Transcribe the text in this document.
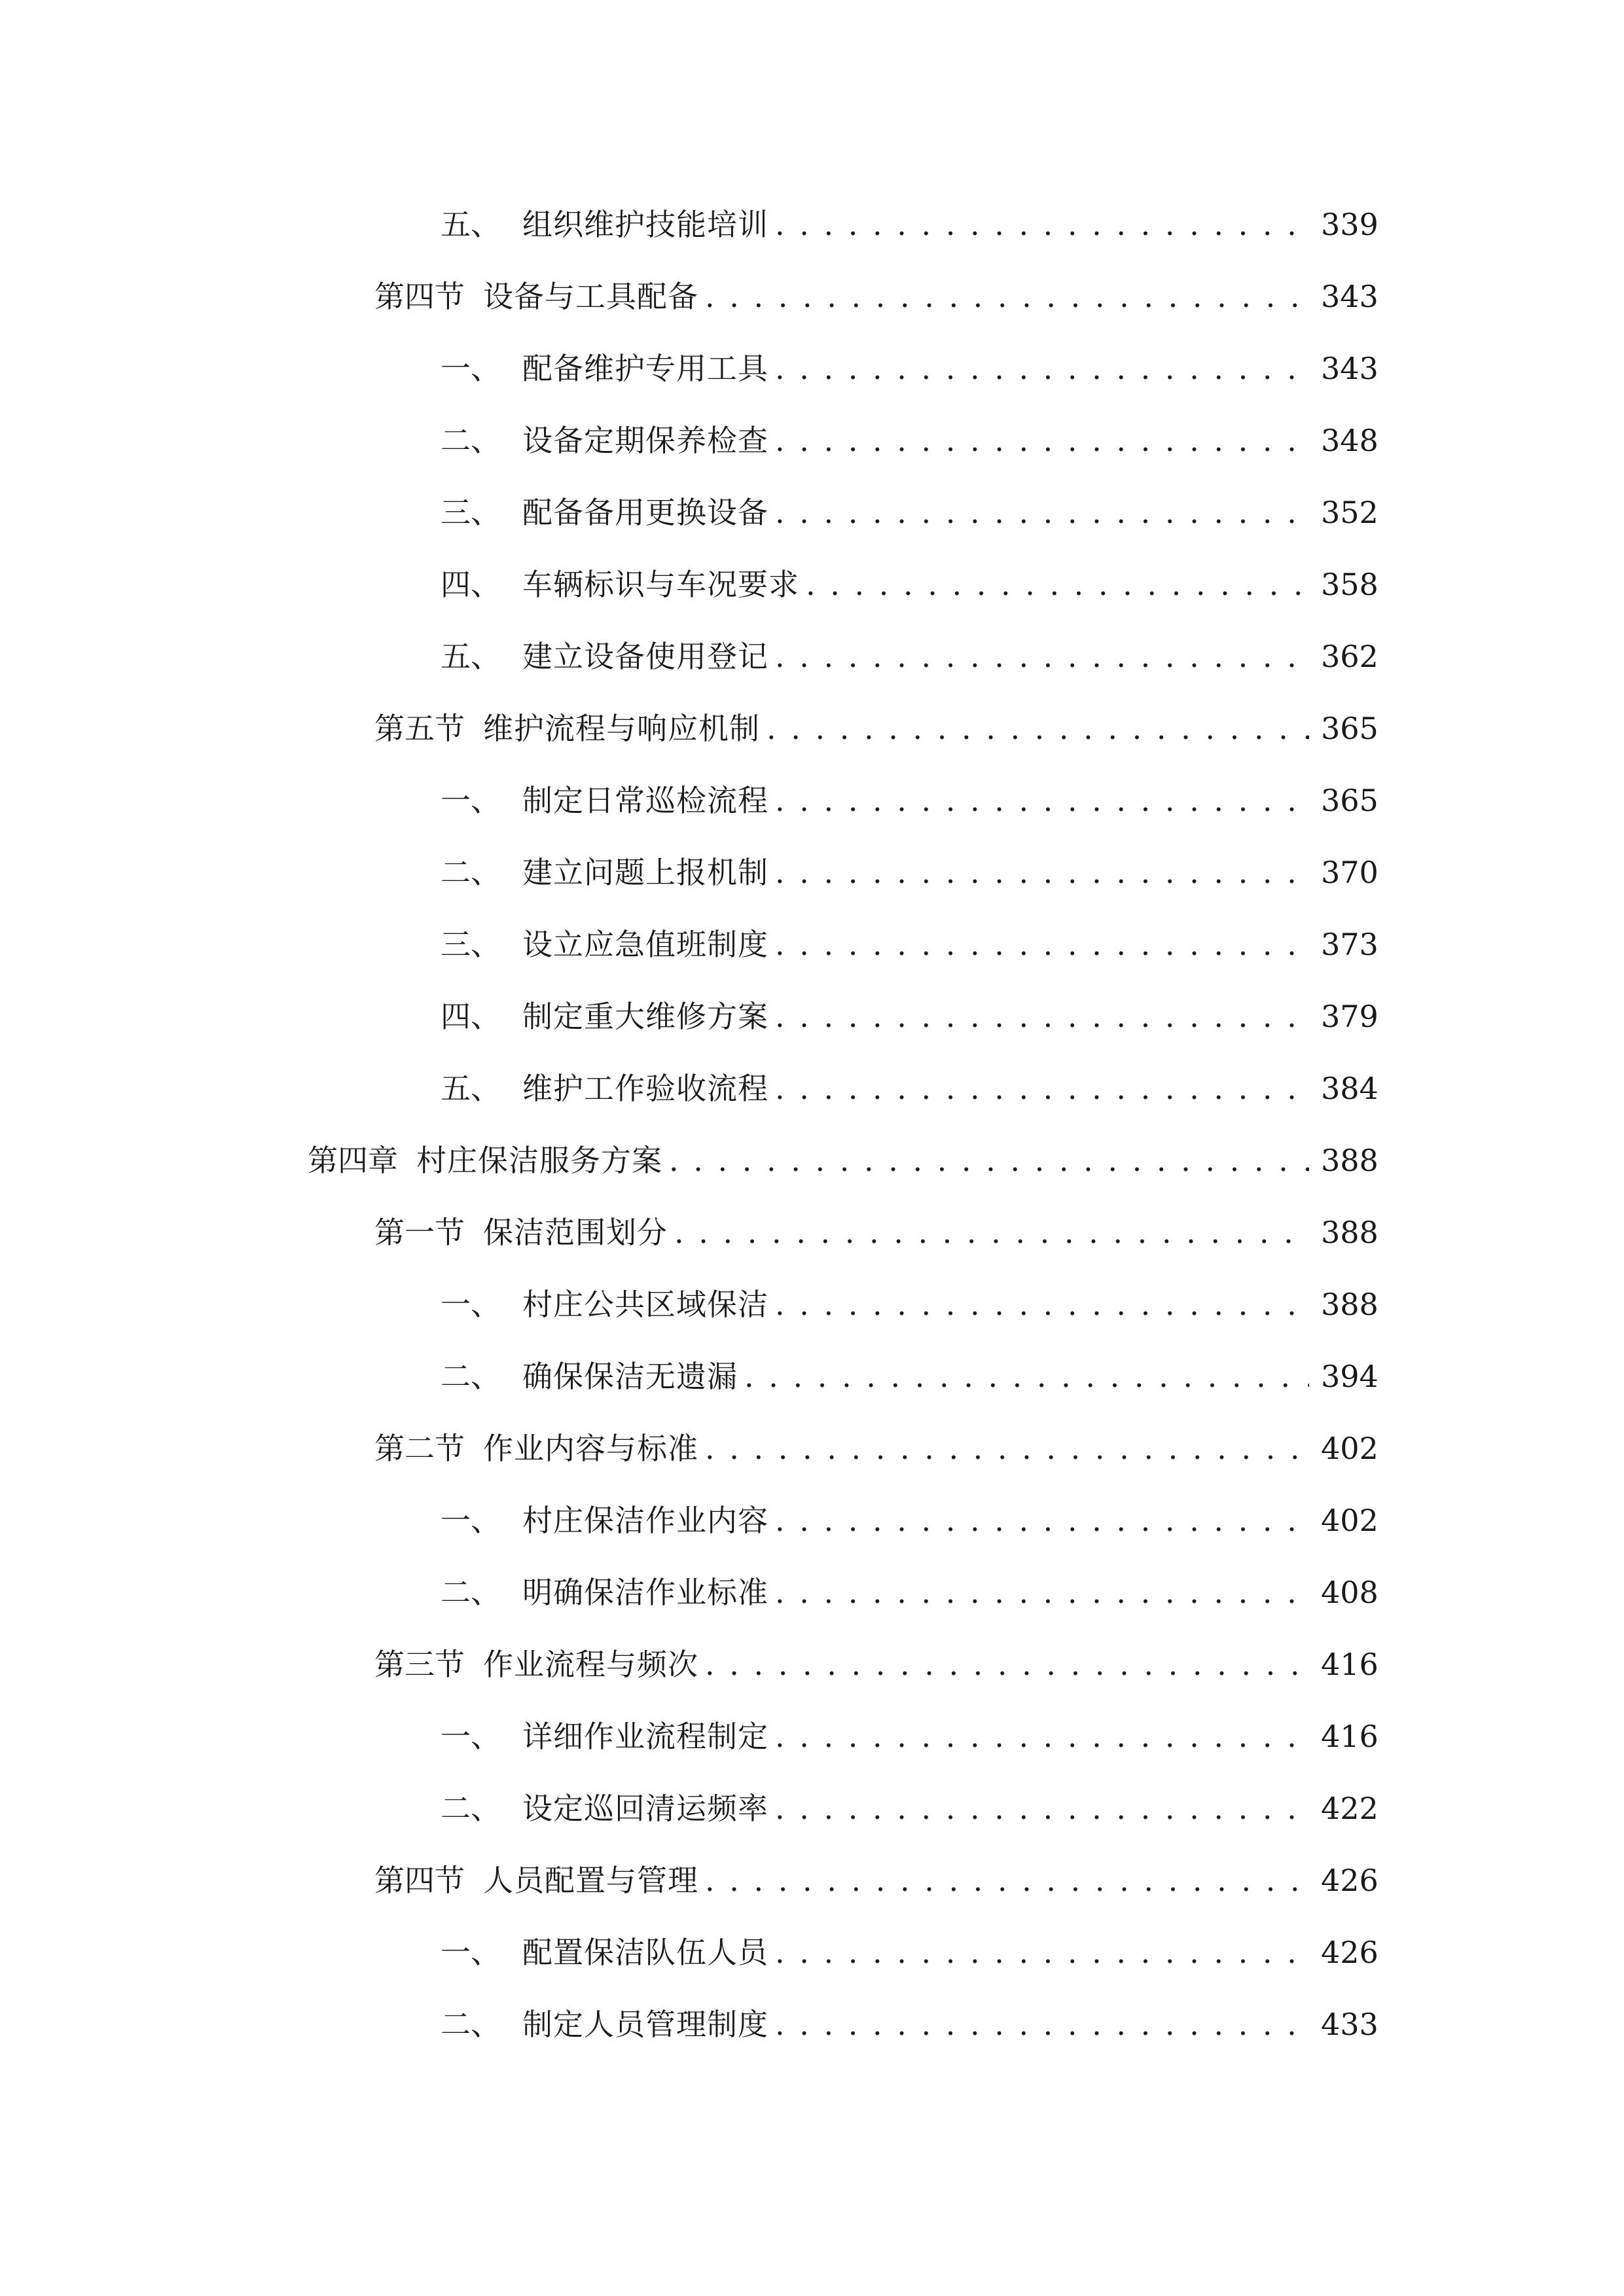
五、 组织维护技能培训 . . .	339
第四节 设备与工具配备 . . .	343
一、 配备维护专用工具 . . .	343
二、 设备定期保养检查 . . .	348
三、 配备备用更换设备 . . .	352
四、 车辆标识与车况要求 . . .	358
五、 建立设备使用登记 . . .	362
第五节 维护流程与响应机制 . . .	365
一、 制定日常巡检流程 . . .	365
二、 建立问题上报机制 . . .	370
三、 设立应急值班制度 . . .	373
四、 制定重大维修方案 . . .	379
五、 维护工作验收流程 . . .	384
第四章 村庄保洁服务方案 . . .	388
第一节 保洁范围划分 . . .	388
一、 村庄公共区域保洁 . . .	388
二、 确保保洁无遗漏 . . .	394
第二节 作业内容与标准 . . .	402
一、 村庄保洁作业内容 . . .	402
二、 明确保洁作业标准 . . .	408
第三节 作业流程与频次 . . .	416
一、 详细作业流程制定 . . .	416
二、 设定巡回清运频率 . . .	422
第四节 人员配置与管理 . . .	426
一、 配置保洁队伍人员 . . .	426
二、 制定人员管理制度 . . .	433
